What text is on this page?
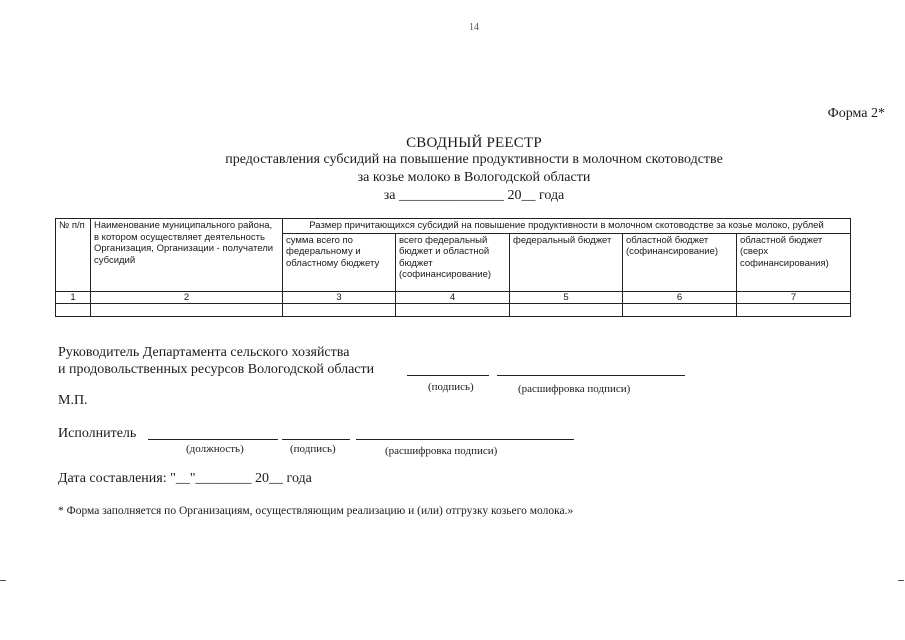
14
Форма 2*
СВОДНЫЙ РЕЕСТР
предоставления субсидий на повышение продуктивности в молочном скотоводстве
за козье молоко в Вологодской области
за _______________ 20__ года
№ п/п	Наименование муниципального района, в котором осуществляет деятельность Организация, Организации - получатели субсидий	Размер причитающихся субсидий на повышение продуктивности в молочном скотоводстве за козье молоко, рублей				
		сумма всего по федеральному и областному бюджету	всего федеральный бюджет и областной бюджет (софинансирование)	федеральный бюджет	областной бюджет (софинансирование)	областной бюджет (сверх софинансирования)
1	2	3	4	5	6	7

Руководитель Департамента сельского хозяйства
и продовольственных ресурсов Вологодской области
(подпись)	(расшифровка подписи)
М.П.
Исполнитель
(должность)	(подпись)	(расшифровка подписи)
Дата составления: "__"________ 20__ года
* Форма заполняется по Организациям, осуществляющим реализацию и (или) отгрузку козьего молока.»
